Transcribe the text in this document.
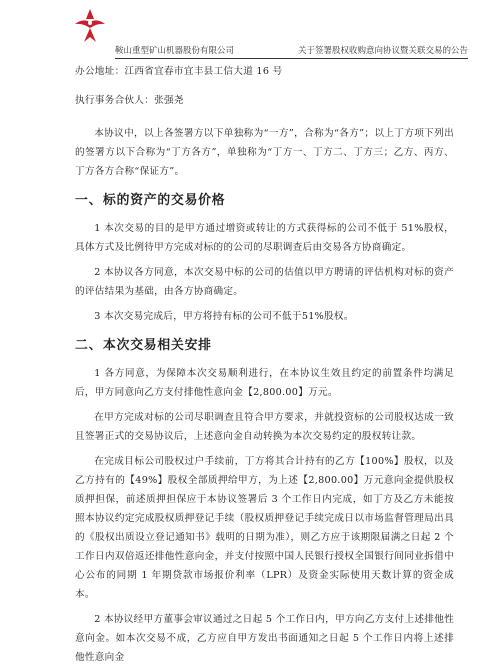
鞍山重型矿山机器股份有限公司	关于签署股权收购意向协议暨关联交易的公告

办公地址：江西省宜春市宜丰县工信大道 16 号

执行事务合伙人：张强尧

本协议中，以上各签署方以下单独称为“一方”，合称为“各方”；以上丁方项下列出的签署方以下合称为“丁方各方”，单独称为“丁方一、丁方二、丁方三；乙方、丙方、丁方各方合称“保证方”。

一、标的资产的交易价格

1 本次交易的目的是甲方通过增资或转让的方式获得标的公司不低于 51%股权，具体方式及比例待甲方完成对标的的公司的尽职调查后由交易各方协商确定。

2 本协议各方同意，本次交易中标的公司的估值以甲方聘请的评估机构对标的资产的评估结果为基础，由各方协商确定。

3 本次交易完成后，甲方将持有标的公司不低于51%股权。

二、本次交易相关安排

1 各方同意，为保障本次交易顺利进行，在本协议生效且约定的前置条件均满足后，甲方同意向乙方支付排他性意向金【2,800.00】万元。

在甲方完成对标的公司尽职调查且符合甲方要求，并就投资标的公司股权达成一致且签署正式的交易协议后，上述意向金自动转换为本次交易约定的股权转让款。

在完成目标公司股权过户手续前，丁方将其合计持有的乙方【100%】股权，以及乙方持有的【49%】股权全部质押给甲方，为上述【2,800.00】万元意向金提供股权质押担保，前述质押担保应于本协议签署后 3 个工作日内完成，如丁方及乙方未能按照本协议约定完成股权质押登记手续（股权质押登记手续完成日以市场监督管理局出具的《股权出质设立登记通知书》载明的日期为准），则乙方应于该期限届满之日起 2 个工作日内双倍返还排他性意向金，并支付按照中国人民银行授权全国银行间同业拆借中心公布的同期 1 年期贷款市场报价利率（LPR）及资金实际使用天数计算的资金成本。

2 本协议经甲方董事会审议通过之日起 5 个工作日内，甲方向乙方支付上述排他性意向金。如本次交易不成，乙方应自甲方发出书面通知之日起 5 个工作日内将上述排他性意向金
